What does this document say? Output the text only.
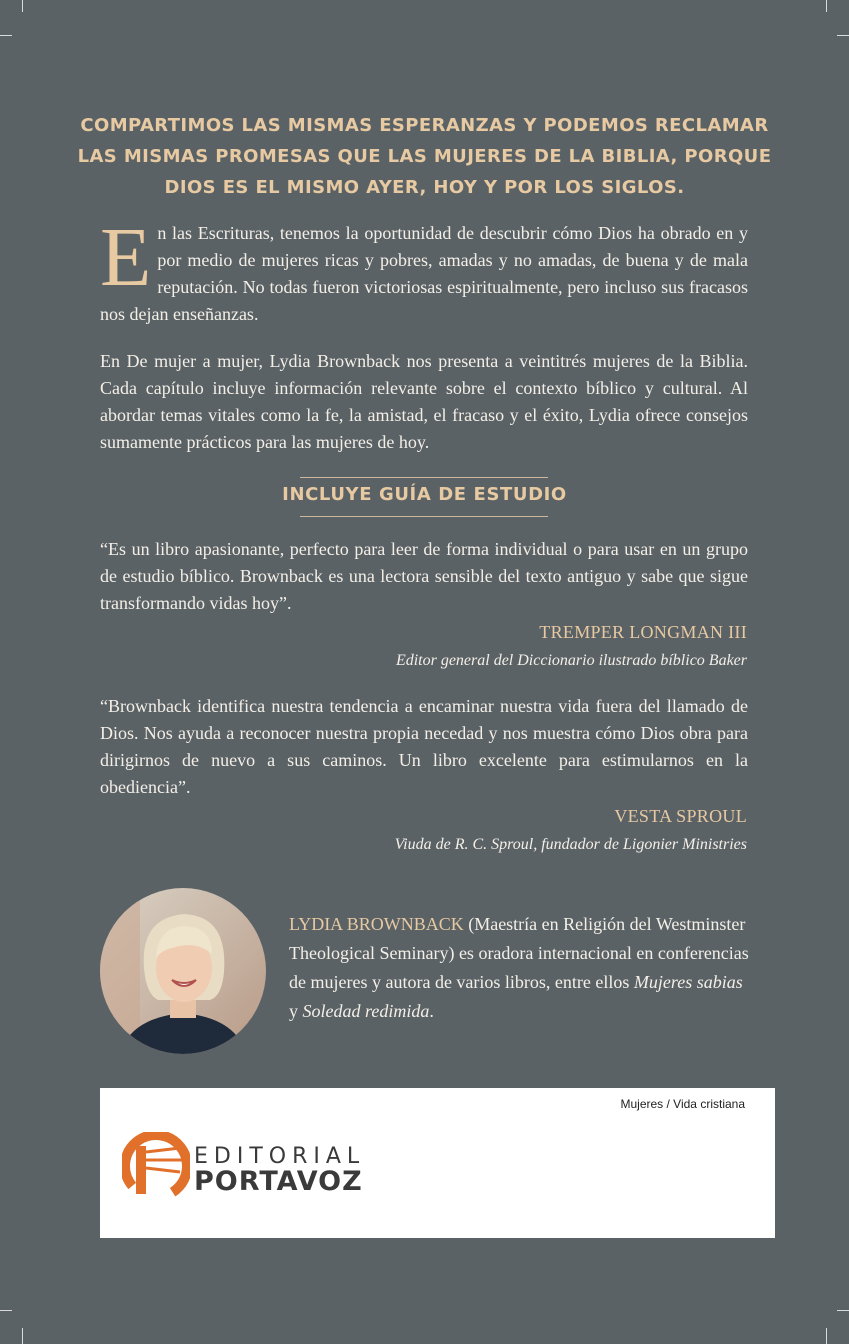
COMPARTIMOS LAS MISMAS ESPERANZAS Y PODEMOS RECLAMAR
LAS MISMAS PROMESAS QUE LAS MUJERES DE LA BIBLIA, PORQUE
DIOS ES EL MISMO AYER, HOY Y POR LOS SIGLOS.

En las Escrituras, tenemos la oportunidad de descubrir cómo Dios ha obrado en y por medio de mujeres ricas y pobres, amadas y no amadas, de buena y de mala reputación. No todas fueron victoriosas espiritualmente, pero incluso sus fracasos nos dejan enseñanzas.

En De mujer a mujer, Lydia Brownback nos presenta a veintitrés mujeres de la Biblia. Cada capítulo incluye información relevante sobre el contexto bíblico y cultural. Al abordar temas vitales como la fe, la amistad, el fracaso y el éxito, Lydia ofrece consejos sumamente prácticos para las mujeres de hoy.

INCLUYE GUÍA DE ESTUDIO

“Es un libro apasionante, perfecto para leer de forma individual o para usar en un grupo de estudio bíblico. Brownback es una lectora sensible del texto antiguo y sabe que sigue transformando vidas hoy”.

TREMPER LONGMAN III
Editor general del Diccionario ilustrado bíblico Baker

“Brownback identifica nuestra tendencia a encaminar nuestra vida fuera del llamado de Dios. Nos ayuda a reconocer nuestra propia necedad y nos muestra cómo Dios obra para dirigirnos de nuevo a sus caminos. Un libro excelente para estimularnos en la obediencia”.

VESTA SPROUL
Viuda de R. C. Sproul, fundador de Ligonier Ministries
LYDIA BROWNBACK (Maestría en Religión del Westminster Theological Seminary) es oradora internacional en conferencias de mujeres y autora de varios libros, entre ellos Mujeres sabias y Soledad redimida.
Mujeres / Vida cristiana
EDITORIAL
PORTAVOZ
